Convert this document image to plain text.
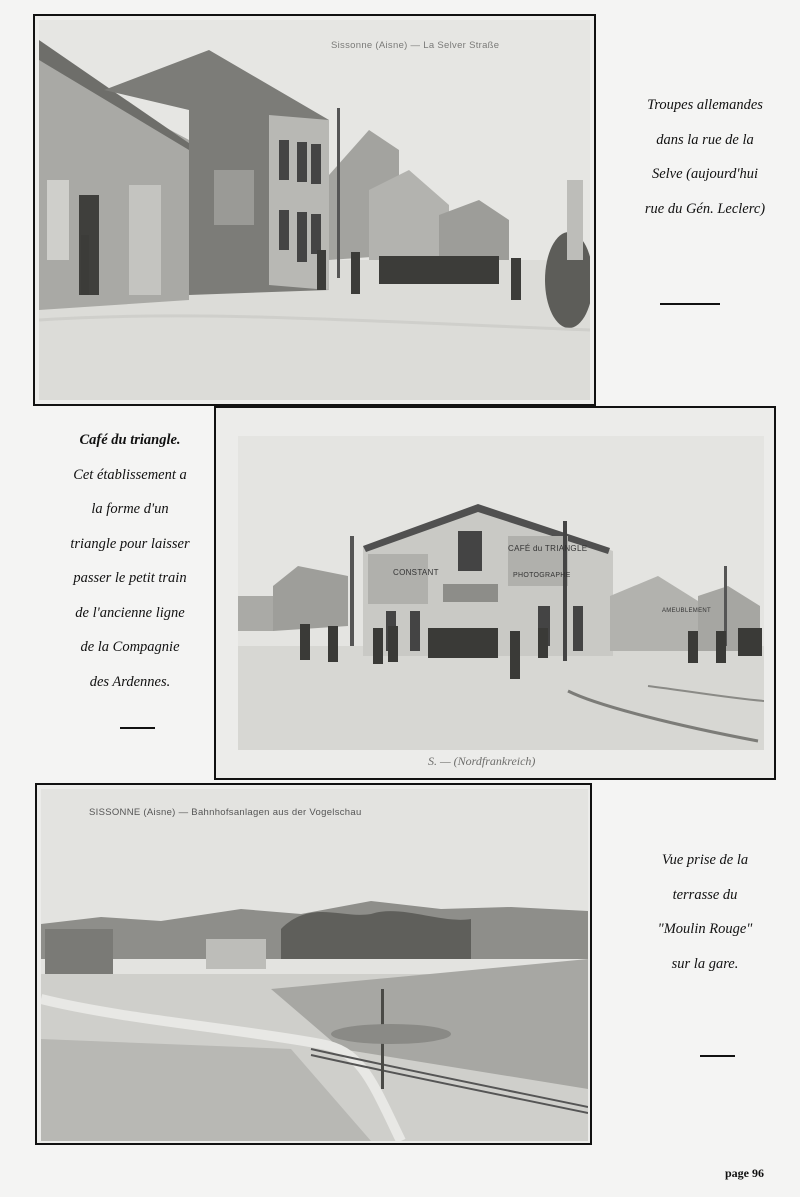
Sissonne (Aisne) — La Selver Straße
Troupes allemandes
dans la rue de la
Selve (aujourd'hui
rue du Gén. Leclerc)
CONSTANT
CAFÉ du TRIANGLE
PHOTOGRAPHE
AMEUBLEMENT
S. — (Nordfrankreich)
Café du triangle.
Cet établissement a
la forme d'un
triangle pour laisser
passer le petit train
de l'ancienne ligne
de la Compagnie
des Ardennes.
SISSONNE (Aisne) — Bahnhofsanlagen aus der Vogelschau
Vue prise de la
terrasse du
"Moulin Rouge"
sur la gare.
page 96
